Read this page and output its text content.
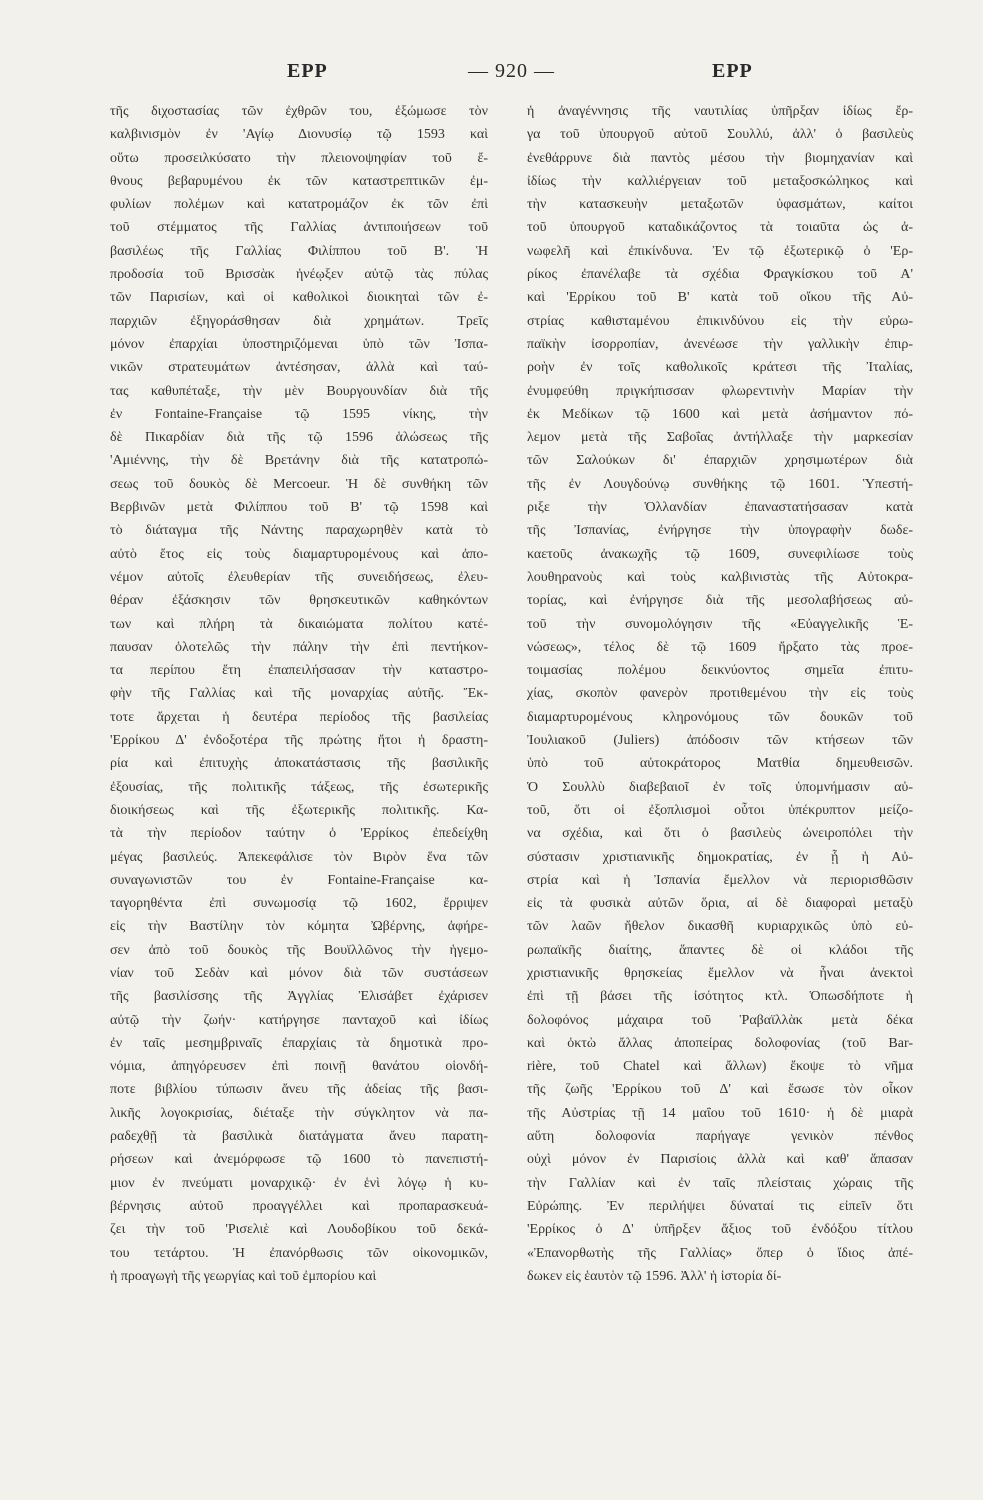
ΕΡΡ	— 920 —	ΕΡΡ
τῆς διχοστασίας τῶν ἐχθρῶν του, ἐξώμωσε τὸν
καλβινισμὸν ἐν 'Αγίῳ Διονυσίῳ τῷ 1593 καὶ
οὕτω προσειλκύσατο τὴν πλειονοψηφίαν τοῦ ἔ-
θνους βεβαρυμένου ἐκ τῶν καταστρεπτικῶν ἐμ-
φυλίων πολέμων καὶ κατατρομάζον ἐκ τῶν ἐπὶ
τοῦ στέμματος τῆς Γαλλίας ἀντιποιήσεων τοῦ
βασιλέως τῆς Γαλλίας Φιλίππου τοῦ Β'. Ἡ
προδοσία τοῦ Βρισσὰκ ἠνέῳξεν αὐτῷ τὰς πύλας
τῶν Παρισίων, καὶ οἱ καθολικοὶ διοικηταὶ τῶν ἐ-
παρχιῶν ἐξηγοράσθησαν διὰ χρημάτων. Τρεῖς
μόνον ἐπαρχίαι ὑποστηριζόμεναι ὑπὸ τῶν Ἰσπα-
νικῶν στρατευμάτων ἀντέσησαν, ἀλλὰ καὶ ταύ-
τας καθυπέταξε, τὴν μὲν Βουργουνδίαν διὰ τῆς
ἐν Fontaine-Française τῷ 1595 νίκης, τὴν
δὲ Πικαρδίαν διὰ τῆς τῷ 1596 ἁλώσεως τῆς
'Αμιέννης, τὴν δὲ Βρετάνην διὰ τῆς κατατροπώ-
σεως τοῦ δουκὸς δὲ Mercoeur. Ἡ δὲ συνθήκη τῶν
Βερβινῶν μετὰ Φιλίππου τοῦ Β' τῷ 1598 καὶ
τὸ διάταγμα τῆς Νάντης παραχωρηθὲν κατὰ τὸ
αὐτὸ ἔτος εἰς τοὺς διαμαρτυρομένους καὶ ἀπο-
νέμον αὐτοῖς ἐλευθερίαν τῆς συνειδήσεως, ἐλευ-
θέραν ἐξάσκησιν τῶν θρησκευτικῶν καθηκόντων
των καὶ πλήρη τὰ δικαιώματα πολίτου κατέ-
παυσαν ὁλοτελῶς τὴν πάλην τὴν ἐπὶ πεντήκον-
τα περίπου ἔτη ἐπαπειλήσασαν τὴν καταστρο-
φὴν τῆς Γαλλίας καὶ τῆς μοναρχίας αὐτῆς. Ἔκ-
τοτε ἄρχεται ἡ δευτέρα περίοδος τῆς βασιλείας
'Ερρίκου Δ' ἐνδοξοτέρα τῆς πρώτης ἤτοι ἡ δραστη-
ρία καὶ ἐπιτυχὴς ἀποκατάστασις τῆς βασιλικῆς
ἐξουσίας, τῆς πολιτικῆς τάξεως, τῆς ἐσωτερικῆς
διοικήσεως καὶ τῆς ἐξωτερικῆς πολιτικῆς. Κα-
τὰ τὴν περίοδον ταύτην ὁ 'Ερρίκος ἐπεδείχθη
μέγας βασιλεύς. Ἀπεκεφάλισε τὸν Βιρὸν ἕνα τῶν
συναγωνιστῶν του ἐν Fontaine-Française κα-
ταγορηθέντα ἐπὶ συνωμοσίᾳ τῷ 1602, ἔρριψεν
εἰς τὴν Βαστίλην τὸν κόμητα Ὠβέρνης, ἀφήρε-
σεν ἀπὸ τοῦ δουκὸς τῆς Βουϊλλῶνος τὴν ἡγεμο-
νίαν τοῦ Σεδὰν καὶ μόνον διὰ τῶν συστάσεων
τῆς βασιλίσσης τῆς Ἀγγλίας Ἐλισάβετ ἐχάρισεν
αὐτῷ τὴν ζωήν· κατήργησε πανταχοῦ καὶ ἰδίως
ἐν ταῖς μεσημβριναῖς ἐπαρχίαις τὰ δημοτικὰ προ-
νόμια, ἀπηγόρευσεν ἐπὶ ποινῇ θανάτου οἱονδή-
ποτε βιβλίου τύπωσιν ἄνευ τῆς ἀδείας τῆς βασι-
λικῆς λογοκρισίας, διέταξε τὴν σύγκλητον νὰ πα-
ραδεχθῇ τὰ βασιλικὰ διατάγματα ἄνευ παρατη-
ρήσεων καὶ ἀνεμόρφωσε τῷ 1600 τὸ πανεπιστή-
μιον ἐν πνεύματι μοναρχικῷ· ἐν ἑνὶ λόγῳ ἡ κυ-
βέρνησις αὐτοῦ προαγγέλλει καὶ προπαρασκευά-
ζει τὴν τοῦ 'Ρισελιὲ καὶ Λουδοβίκου τοῦ δεκά-
του τετάρτου. Ἡ ἐπανόρθωσις τῶν οἰκονομικῶν,
ἡ προαγωγὴ τῆς γεωργίας καὶ τοῦ ἐμπορίου καὶ
ἡ ἀναγέννησις τῆς ναυτιλίας ὑπῆρξαν ἰδίως ἔρ-
γα τοῦ ὑπουργοῦ αὐτοῦ Σουλλύ, ἀλλ' ὁ βασιλεὺς
ἐνεθάρρυνε διὰ παντὸς μέσου τὴν βιομηχανίαν καὶ
ἰδίως τὴν καλλιέργειαν τοῦ μεταξοσκώληκος καὶ
τὴν κατασκευὴν μεταξωτῶν ὑφασμάτων, καίτοι
τοῦ ὑπουργοῦ καταδικάζοντος τὰ τοιαῦτα ὡς ἀ-
νωφελῆ καὶ ἐπικίνδυνα. Ἐν τῷ ἐξωτερικῷ ὁ 'Ερ-
ρίκος ἐπανέλαβε τὰ σχέδια Φραγκίσκου τοῦ Α'
καὶ 'Ερρίκου τοῦ Β' κατὰ τοῦ οἴκου τῆς Αὐ-
στρίας καθισταμένου ἐπικινδύνου εἰς τὴν εὐρω-
παϊκὴν ἰσορροπίαν, ἀνενέωσε τὴν γαλλικὴν ἐπιρ-
ροὴν ἐν τοῖς καθολικοῖς κράτεσι τῆς Ἰταλίας,
ἐνυμφεύθη πριγκήπισσαν φλωρεντινὴν Μαρίαν τὴν
ἐκ Μεδίκων τῷ 1600 καὶ μετὰ ἀσήμαντον πό-
λεμον μετὰ τῆς Σαβοΐας ἀντήλλαξε τὴν μαρκεσίαν
τῶν Σαλούκων δι' ἐπαρχιῶν χρησιμωτέρων διὰ
τῆς ἐν Λουγδούνῳ συνθήκης τῷ 1601. Ὑπεστή-
ριξε τὴν Ὁλλανδίαν ἐπαναστατήσασαν κατὰ
τῆς Ἰσπανίας, ἐνήργησε τὴν ὑπογραφὴν δωδε-
καετοῦς ἀνακωχῆς τῷ 1609, συνεφιλίωσε τοὺς
λουθηρανοὺς καὶ τοὺς καλβινιστὰς τῆς Αὐτοκρα-
τορίας, καὶ ἐνήργησε διὰ τῆς μεσολαβήσεως αὐ-
τοῦ τὴν συνομολόγησιν τῆς «Εὐαγγελικῆς Ἑ-
νώσεως», τέλος δὲ τῷ 1609 ἤρξατο τὰς προε-
τοιμασίας πολέμου δεικνύοντος σημεῖα ἐπιτυ-
χίας, σκοπὸν φανερὸν προτιθεμένου τὴν εἰς τοὺς
διαμαρτυρομένους κληρονόμους τῶν δουκῶν τοῦ
Ἰουλιακοῦ (Juliers) ἀπόδοσιν τῶν κτήσεων τῶν
ὑπὸ τοῦ αὐτοκράτορος Ματθία δημευθεισῶν.
Ὁ Σουλλὺ διαβεβαιοῖ ἐν τοῖς ὑπομνήμασιν αὐ-
τοῦ, ὅτι οἱ ἐξοπλισμοὶ οὗτοι ὑπέκρυπτον μείζο-
να σχέδια, καὶ ὅτι ὁ βασιλεὺς ὠνειροπόλει τὴν
σύστασιν χριστιανικῆς δημοκρατίας, ἐν ᾗ ἡ Αὐ-
στρία καὶ ἡ Ἰσπανία ἔμελλον νὰ περιορισθῶσιν
εἰς τὰ φυσικὰ αὐτῶν ὅρια, αἱ δὲ διαφοραὶ μεταξὺ
τῶν λαῶν ἤθελον δικασθῆ κυριαρχικῶς ὑπὸ εὐ-
ρωπαϊκῆς διαίτης, ἅπαντες δὲ οἱ κλάδοι τῆς
χριστιανικῆς θρησκείας ἔμελλον νὰ ἦναι ἀνεκτοὶ
ἐπὶ τῇ βάσει τῆς ἰσότητος κτλ. Ὁπωσδήποτε ἡ
δολοφόνος μάχαιρα τοῦ Ῥαβαϊλλὰκ μετὰ δέκα
καὶ ὀκτὼ ἄλλας ἀποπείρας δολοφονίας (τοῦ Bar-
rière, τοῦ Chatel καὶ ἄλλων) ἔκοψε τὸ νῆμα
τῆς ζωῆς 'Ερρίκου τοῦ Δ' καὶ ἔσωσε τὸν οἶκον
τῆς Αὐστρίας τῇ 14 μαΐου τοῦ 1610· ἡ δὲ μιαρὰ
αὕτη δολοφονία παρήγαγε γενικὸν πένθος
οὐχὶ μόνον ἐν Παρισίοις ἀλλὰ καὶ καθ' ἅπασαν
τὴν Γαλλίαν καὶ ἐν ταῖς πλείσταις χώραις τῆς
Εὐρώπης. Ἐν περιλήψει δύναταί τις εἰπεῖν ὅτι
'Ερρίκος ὁ Δ' ὑπῆρξεν ἄξιος τοῦ ἐνδόξου τίτλου
«Ἐπανορθωτὴς τῆς Γαλλίας» ὅπερ ὁ ἴδιος ἀπέ-
δωκεν εἰς ἑαυτὸν τῷ 1596. Ἀλλ' ἡ ἱστορία δί-
